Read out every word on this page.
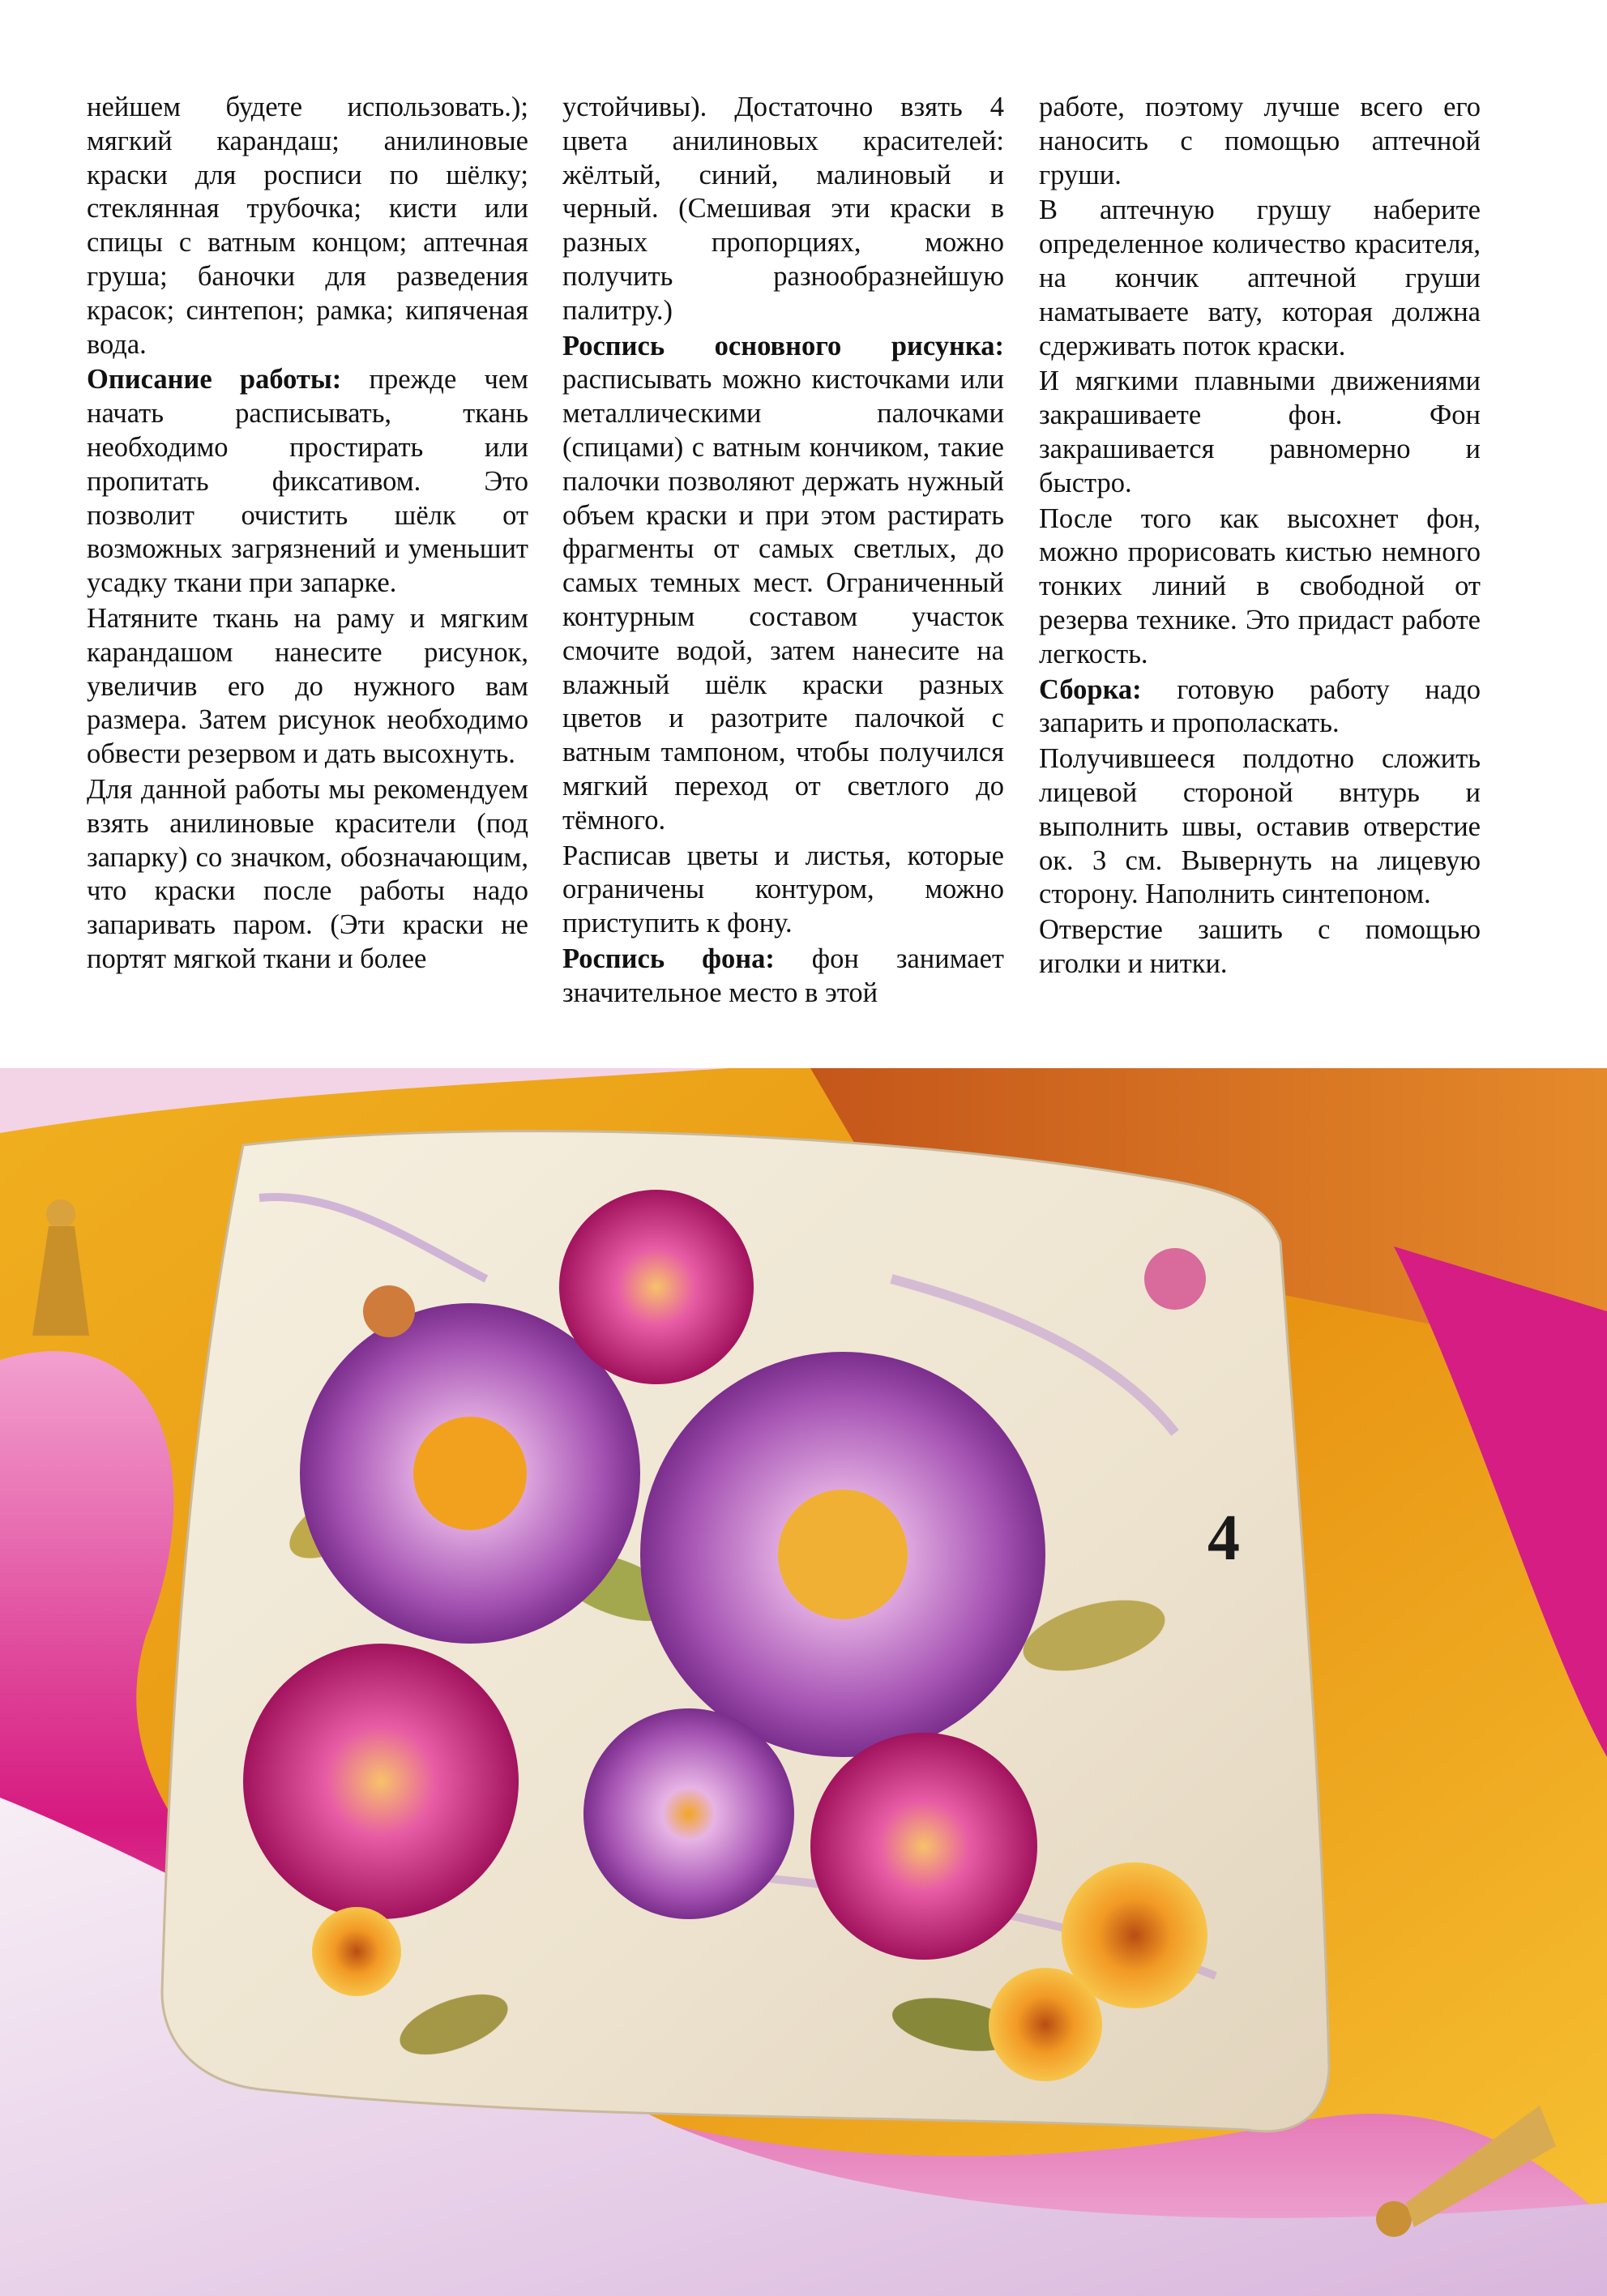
нейшем будете использовать.); мягкий карандаш; анилиновые краски для росписи по шёлку; стеклянная трубочка; кисти или спицы с ватным концом; аптечная груша; баночки для разведения красок; синтепон; рамка; кипяченая вода.

Описание работы: прежде чем начать расписывать, ткань необходимо простирать или пропитать фиксативом. Это позволит очистить шёлк от возможных загрязнений и уменьшит усадку ткани при запарке.

Натяните ткань на раму и мягким карандашом нанесите рисунок, увеличив его до нужного вам размера. Затем рисунок необходимо обвести резервом и дать высохнуть.

Для данной работы мы рекомендуем взять анилиновые красители (под запарку) со значком, обозначающим, что краски после работы надо запаривать паром. (Эти краски не портят мягкой ткани и более

устойчивы). Достаточно взять 4 цвета анилиновых красителей: жёлтый, синий, малиновый и черный. (Смешивая эти краски в разных пропорциях, можно получить разнообразнейшую палитру.)

Роспись основного рисунка: расписывать можно кисточками или металлическими палочками (спицами) с ватным кончиком, такие палочки позволяют держать нужный объем краски и при этом растирать фрагменты от самых светлых, до самых темных мест. Ограниченный контурным составом участок смочите водой, затем нанесите на влажный шёлк краски разных цветов и разотрите палочкой с ватным тампоном, чтобы получился мягкий переход от светлого до тёмного.

Расписав цветы и листья, которые ограничены контуром, можно приступить к фону.

Роспись фона: фон занимает значительное место в этой

работе, поэтому лучше всего его наносить с помощью аптечной груши.

В аптечную грушу наберите определенное количество красителя, на кончик аптечной груши наматываете вату, которая должна сдерживать поток краски.

И мягкими плавными движениями закрашиваете фон. Фон закрашивается равномерно и быстро.

После того как высохнет фон, можно прорисовать кистью немного тонких линий в свободной от резерва технике. Это придаст работе легкость.

Сборка: готовую работу надо запарить и прополаскать.

Получившееся полдотно сложить лицевой стороной внтурь и выполнить швы, оставив отверстие ок. 3 см. Вывернуть на лицевую сторону. Наполнить синтепоном.

Отверстие зашить с помощью иголки и нитки.

4
